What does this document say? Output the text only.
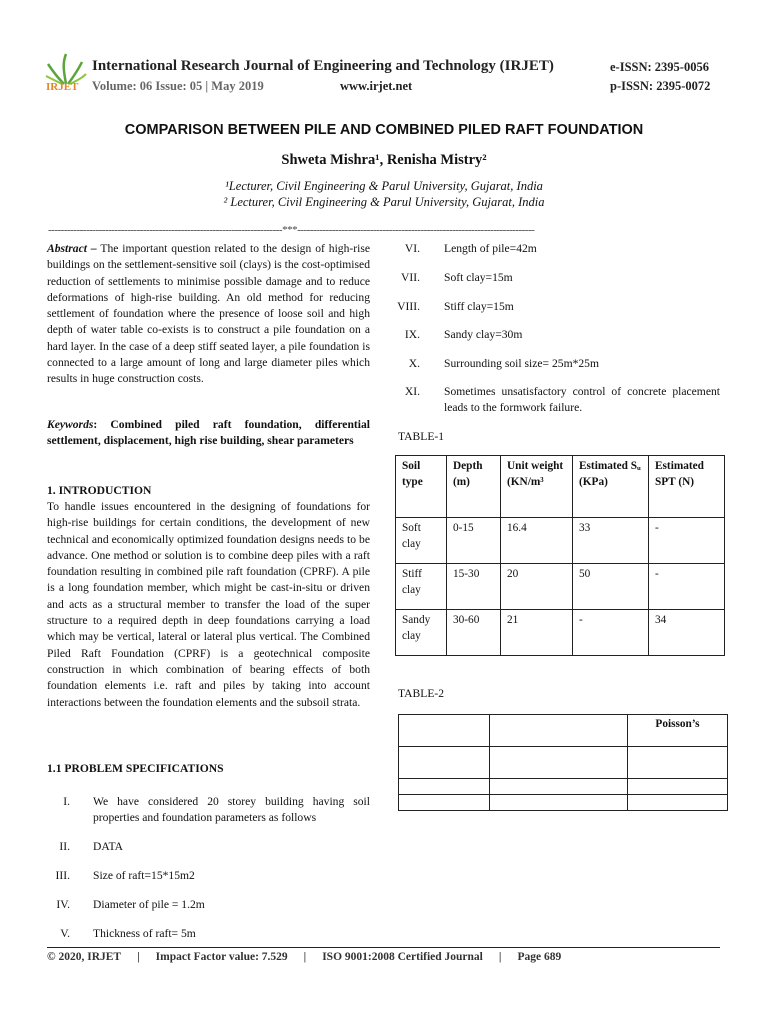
IRJET
International Research Journal of Engineering and Technology (IRJET)
Volume: 06 Issue: 05 | May 2019	www.irjet.net
e-ISSN: 2395-0056
p-ISSN: 2395-0072
COMPARISON BETWEEN PILE AND COMBINED PILED RAFT FOUNDATION
Shweta Mishra¹, Renisha Mistry²
¹Lecturer, Civil Engineering & Parul University, Gujarat, India
² Lecturer, Civil Engineering & Parul University, Gujarat, India
--------------------------------------------------------------------------***---------------------------------------------------------------------------
Abstract – The important question related to the design of high-rise buildings on the settlement-sensitive soil (clays) is the cost-optimised reduction of settlements to minimise possible damage and to reduce deformations of high-rise building. An old method for reducing settlement of foundation where the presence of loose soil and high depth of water table co-exists is to construct a pile foundation on a hard layer. In the case of a deep stiff seated layer, a pile foundation is connected to a large amount of long and large diameter piles which results in huge construction costs.
Keywords: Combined piled raft foundation, differential settlement, displacement, high rise building, shear parameters
1. INTRODUCTION
To handle issues encountered in the designing of foundations for high-rise buildings for certain conditions, the development of new technical and economically optimized foundation designs needs to be advance. One method or solution is to combine deep piles with a raft foundation resulting in combined pile raft foundation (CPRF). A pile is a long foundation member, which might be cast-in-situ or driven and acts as a structural member to transfer the load of the super structure to a required depth in deep foundations carrying a load which may be vertical, lateral or lateral plus vertical. The Combined Piled Raft Foundation (CPRF) is a geotechnical composite construction in which combination of bearing effects of both foundation elements i.e. raft and piles by taking into account interactions between the foundation elements and the subsoil strata.
1.1 PROBLEM SPECIFICATIONS
I. We have considered 20 storey building having soil properties and foundation parameters as follows
II. DATA
III. Size of raft=15*15m2
IV. Diameter of pile = 1.2m
V. Thickness of raft= 5m
VI. Length of pile=42m
VII. Soft clay=15m
VIII. Stiff clay=15m
IX. Sandy clay=30m
X. Surrounding soil size= 25m*25m
XI. Sometimes unsatisfactory control of concrete placement leads to the formwork failure.
TABLE-1
Soil type	Depth (m)	Unit weight (KN/m³	Estimated Sᵤ (KPa)	Estimated SPT (N)
Soft clay	0-15	16.4	33	-
Stiff clay	15-30	20	50	-
Sandy clay	30-60	21	-	34
TABLE-2
		Poisson’s

© 2020, IRJET | Impact Factor value: 7.529 | ISO 9001:2008 Certified Journal | Page 689
